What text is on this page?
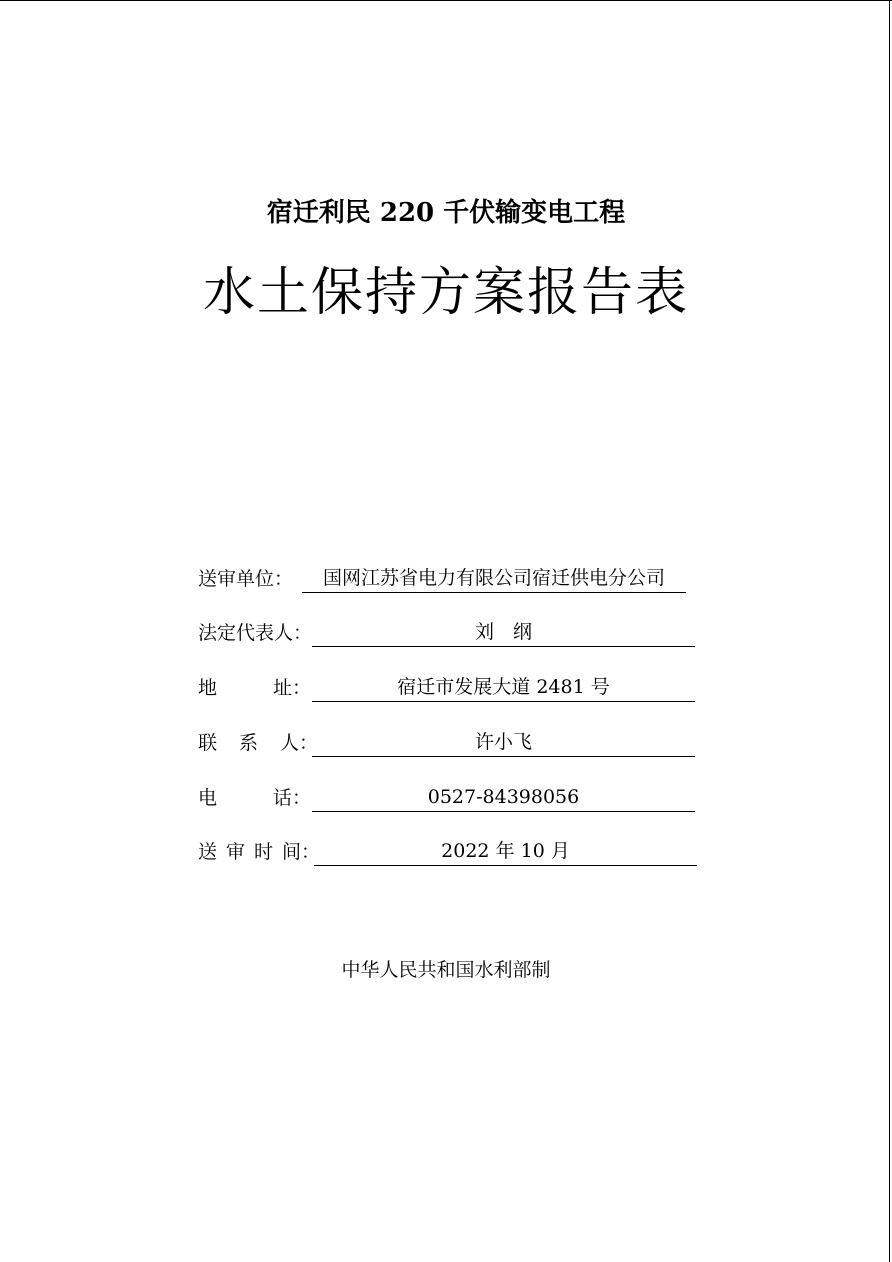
宿迁利民 220 千伏输变电工程
水土保持方案报告表
送审单位：	国网江苏省电力有限公司宿迁供电分公司
法定代表人：	刘　纲
地	址：	宿迁市发展大道 2481 号
联 系 人：	许小飞
电	话：	0527-84398056
送 审 时 间：	2022 年 10 月
中华人民共和国水利部制
